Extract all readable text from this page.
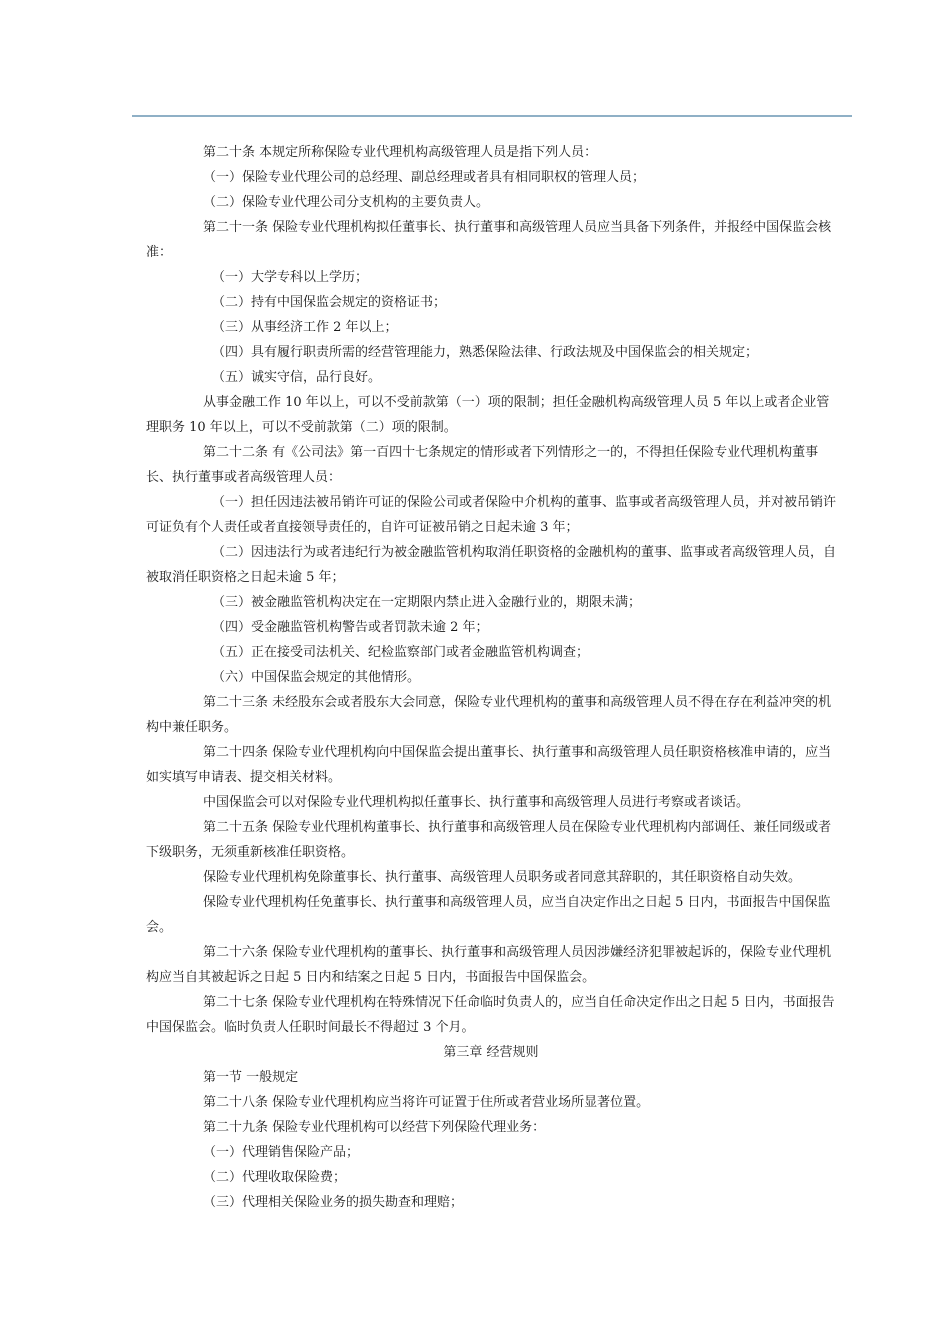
第二十条 本规定所称保险专业代理机构高级管理人员是指下列人员：

（一）保险专业代理公司的总经理、副总经理或者具有相同职权的管理人员；

（二）保险专业代理公司分支机构的主要负责人。

第二十一条 保险专业代理机构拟任董事长、执行董事和高级管理人员应当具备下列条件，并报经中国保监会核准：

（一）大学专科以上学历；

（二）持有中国保监会规定的资格证书；

（三）从事经济工作 2 年以上；

（四）具有履行职责所需的经营管理能力，熟悉保险法律、行政法规及中国保监会的相关规定；

（五）诚实守信，品行良好。

从事金融工作 10 年以上，可以不受前款第（一）项的限制；担任金融机构高级管理人员 5 年以上或者企业管理职务 10 年以上，可以不受前款第（二）项的限制。

第二十二条 有《公司法》第一百四十七条规定的情形或者下列情形之一的，不得担任保险专业代理机构董事长、执行董事或者高级管理人员：

（一）担任因违法被吊销许可证的保险公司或者保险中介机构的董事、监事或者高级管理人员，并对被吊销许可证负有个人责任或者直接领导责任的，自许可证被吊销之日起未逾 3 年；

（二）因违法行为或者违纪行为被金融监管机构取消任职资格的金融机构的董事、监事或者高级管理人员，自被取消任职资格之日起未逾 5 年；

（三）被金融监管机构决定在一定期限内禁止进入金融行业的，期限未满；

（四）受金融监管机构警告或者罚款未逾 2 年；

（五）正在接受司法机关、纪检监察部门或者金融监管机构调查；

（六）中国保监会规定的其他情形。

第二十三条 未经股东会或者股东大会同意，保险专业代理机构的董事和高级管理人员不得在存在利益冲突的机构中兼任职务。

第二十四条 保险专业代理机构向中国保监会提出董事长、执行董事和高级管理人员任职资格核准申请的，应当如实填写申请表、提交相关材料。

中国保监会可以对保险专业代理机构拟任董事长、执行董事和高级管理人员进行考察或者谈话。

第二十五条 保险专业代理机构董事长、执行董事和高级管理人员在保险专业代理机构内部调任、兼任同级或者下级职务，无须重新核准任职资格。

保险专业代理机构免除董事长、执行董事、高级管理人员职务或者同意其辞职的，其任职资格自动失效。

保险专业代理机构任免董事长、执行董事和高级管理人员，应当自决定作出之日起 5 日内，书面报告中国保监会。

第二十六条 保险专业代理机构的董事长、执行董事和高级管理人员因涉嫌经济犯罪被起诉的，保险专业代理机构应当自其被起诉之日起 5 日内和结案之日起 5 日内，书面报告中国保监会。

第二十七条 保险专业代理机构在特殊情况下任命临时负责人的，应当自任命决定作出之日起 5 日内，书面报告中国保监会。临时负责人任职时间最长不得超过 3 个月。

第三章 经营规则

第一节 一般规定

第二十八条 保险专业代理机构应当将许可证置于住所或者营业场所显著位置。

第二十九条 保险专业代理机构可以经营下列保险代理业务：

（一）代理销售保险产品；

（二）代理收取保险费；

（三）代理相关保险业务的损失勘查和理赔；
